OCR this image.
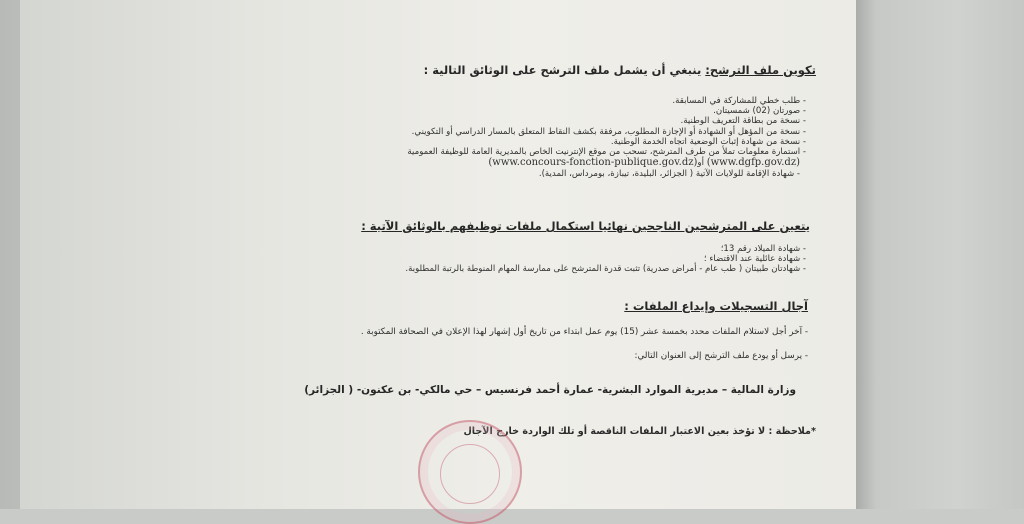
تكوين ملف الترشح: ينبغي أن يشمل ملف الترشح على الوثائق التالية :

- طلب خطي للمشاركة في المسابقة.
- صورتان (02) شمسيتان.
- نسخة من بطاقة التعريف الوطنية.
- نسخة من المؤهل أو الشهادة أو الإجازة المطلوب، مرفقة بكشف النقاط المتعلق بالمسار الدراسي أو التكويني.
- نسخة من شهادة إثبات الوضعية اتجاه الخدمة الوطنية.
- استمارة معلومات تملأ من طرف المترشح، تسحب من موقع الإنترنيت الخاص بالمديرية العامة للوظيفة العمومية
(www.dgfp.gov.dz) أو(www.concours-fonction-publique.gov.dz)
- شهادة الإقامة للولايات الآتية ( الجزائر، البليدة، تيبازة، بومرداس، المدية).

يتعين على المترشحين الناجحين نهائيا استكمال ملفات توظيفهم بالوثائق الآتية :

- شهادة الميلاد رقم 13؛
- شهادة عائلية عند الاقتضاء ؛
- شهادتان طبيتان ( طب عام - أمراض صدرية) تثبت قدرة المترشح على ممارسة المهام المنوطة بالرتبة المطلوبة.

آجال التسجيلات وإيداع الملفات :

- آخر أجل لاستلام الملفات محدد بخمسة عشر (15) يوم عمل ابتداء من تاريخ أول إشهار لهذا الإعلان في الصحافة المكتوبة .

- يرسل أو يودع ملف الترشح إلى العنوان التالي:

وزارة المالية – مديرية الموارد البشرية- عمارة أحمد فرنسيس – حي مالكي- بن عكنون- ( الجزائر)

*ملاحظة : لا تؤخذ بعين الاعتبار الملفات الناقصة أو تلك الواردة خارج الآجال
